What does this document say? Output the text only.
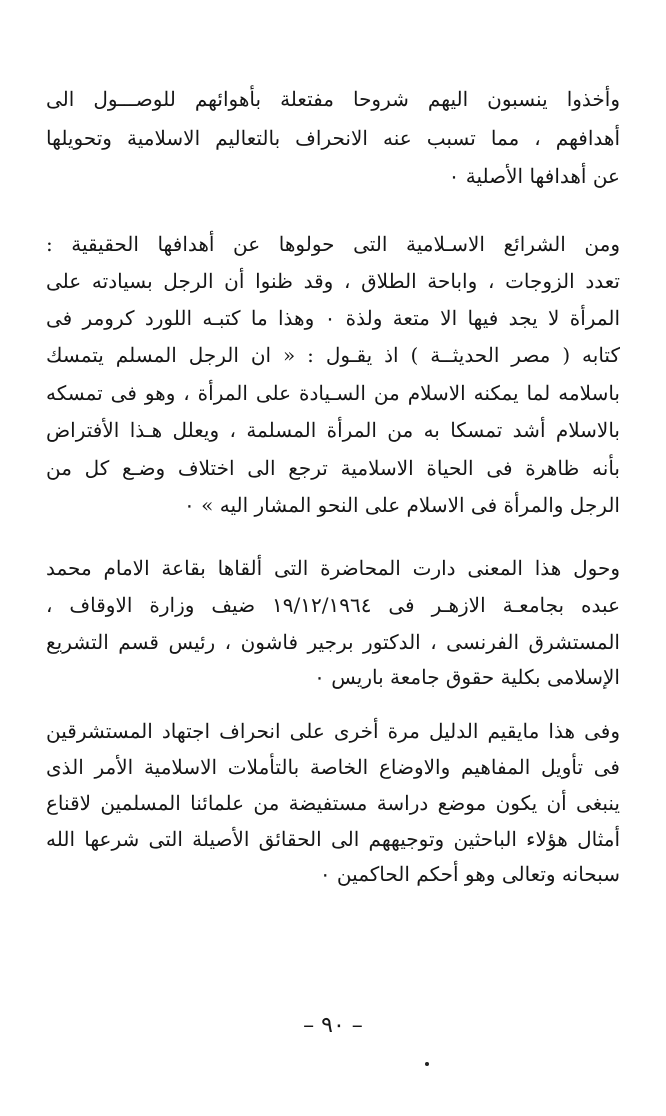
وأخذوا ينسبون اليهم شروحا مفتعلة بأهوائهم للوصـــول الى
أهدافهم ، مما تسبب عنه الانحراف بالتعاليم الاسلامية وتحويلها
عن أهدافها الأصلية ٠
ومن الشرائع الاسـلامية التى حولوها عن أهدافها الحقيقية :
تعدد الزوجات ، واباحة الطلاق ، وقد ظنوا أن الرجل بسيادته على
المرأة لا يجد فيها الا متعة ولذة ٠ وهذا ما كتبـه اللورد كرومر فى
كتابه ( مصر الحديثــة ) اذ يقـول : « ان الرجل المسلم يتمسك
باسلامه لما يمكنه الاسلام من السـيادة على المرأة ، وهو فى تمسكه
بالاسلام أشد تمسكا به من المرأة المسلمة ، ويعلل هـذا الأفتراض
بأنه ظاهرة فى الحياة الاسلامية ترجع الى اختلاف وضـع كل من
الرجل والمرأة فى الاسلام على النحو المشار اليه » ٠
وحول هذا المعنى دارت المحاضرة التى ألقاها بقاعة الامام محمد
عبده بجامعـة الازهـر فى ١٩/١٢/١٩٦٤ ضيف وزارة الاوقاف ،
المستشرق الفرنسى ، الدكتور برجير فاشون ، رئيس قسم التشريع
الإسلامى بكلية حقوق جامعة باريس ٠
وفى هذا مايقيم الدليل مرة أخرى على انحراف اجتهاد المستشرقين
فى تأويل المفاهيم والاوضاع الخاصة بالتأملات الاسلامية الأمر الذى
ينبغى أن يكون موضع دراسة مستفيضة من علمائنا المسلمين لاقناع
أمثال هؤلاء الباحثين وتوجيههم الى الحقائق الأصيلة التى شرعها الله
سبحانه وتعالى وهو أحكم الحاكمين ٠
– ٩٠ –
